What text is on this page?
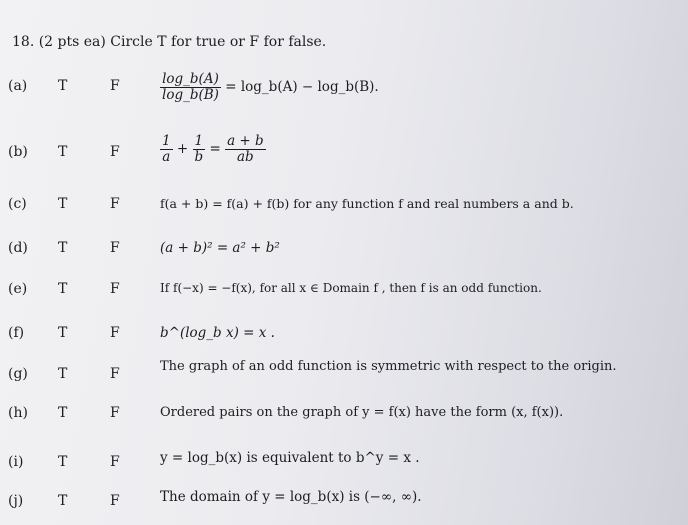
18. (2 pts ea) Circle T for true or F for false.
(a) T	F	$\frac{\log\_b(A)}{\log\_b(B)}$ = log_b(A) − log_b(B).
(b) T	F	$\frac{1}{a} + \frac{1}{b} = \frac{a + b}{ab}$
(c) T	F	f(a + b) = f(a) + f(b) for any function f and real numbers a and b.
(d) T	F	(a + b)² = a² + b²
(e) T	F	If f(−x) = −f(x), for all x ∈ Domain f , then f is an odd function.
(f) T	F	b^(log_b x) = x .
(g) T	F	The graph of an odd function is symmetric with respect to the origin.
(h) T	F	Ordered pairs on the graph of y = f(x) have the form (x, f(x)).
(i) T	F	y = log_b(x) is equivalent to b^y = x .
(j) T	F	The domain of y = log_b(x) is (−∞, ∞).
